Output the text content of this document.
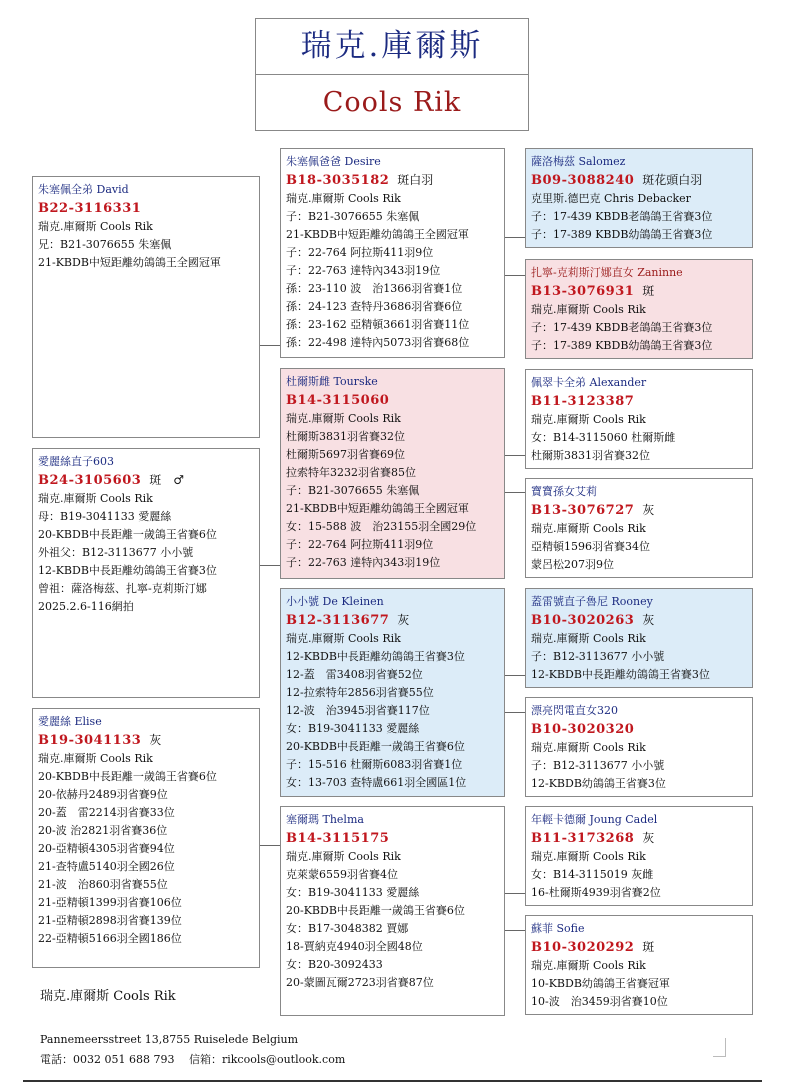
瑞克.庫爾斯
Cools Rik
朱塞佩全弟 David
B22-3116331
瑞克.庫爾斯 Cools Rik
兄：B21-3076655 朱塞佩
21-KBDB中短距離幼鴿鴿王全國冠軍
愛麗絲直子603
B24-3105603 斑　♂
瑞克.庫爾斯 Cools Rik
母：B19-3041133 愛麗絲
20-KBDB中長距離一歲鴿王省賽6位
外祖父：B12-3113677 小小號
12-KBDB中長距離幼鴿鴿王省賽3位
曾祖：薩洛梅茲、扎寧-克莉斯汀娜
2025.2.6-116網拍
愛麗絲 Elise
B19-3041133 灰
瑞克.庫爾斯 Cools Rik
20-KBDB中長距離一歲鴿王省賽6位
20-依赫丹2489羽省賽9位
20-蓋　雷2214羽省賽33位
20-波 治2821羽省賽36位
20-亞精頓4305羽省賽94位
21-查特盧5140羽全國26位
21-波　治860羽省賽55位
21-亞精頓1399羽省賽106位
21-亞精頓2898羽省賽139位
22-亞精頓5166羽全國186位
朱塞佩爸爸 Desire
B18-3035182 斑白羽
瑞克.庫爾斯 Cools Rik
子：B21-3076655 朱塞佩
21-KBDB中短距離幼鴿鴿王全國冠軍
子：22-764 阿拉斯411羽9位
子：22-763 達特內343羽19位
孫：23-110 波　治1366羽省賽1位
孫：24-123 查特丹3686羽省賽6位
孫：23-162 亞精頓3661羽省賽11位
孫：22-498 達特內5073羽省賽68位
杜爾斯雌 Tourske
B14-3115060
瑞克.庫爾斯 Cools Rik
杜爾斯3831羽省賽32位
杜爾斯5697羽省賽69位
拉索特年3232羽省賽85位
子：B21-3076655 朱塞佩
21-KBDB中短距離幼鴿鴿王全國冠軍
女：15-588 波　治23155羽全國29位
子：22-764 阿拉斯411羽9位
子：22-763 達特內343羽19位
小小號 De Kleinen
B12-3113677 灰
瑞克.庫爾斯 Cools Rik
12-KBDB中長距離幼鴿鴿王省賽3位
12-蓋　雷3408羽省賽52位
12-拉索特年2856羽省賽55位
12-波　治3945羽省賽117位
女：B19-3041133 愛麗絲
20-KBDB中長距離一歲鴿王省賽6位
子：15-516 杜爾斯6083羽省賽1位
女：13-703 查特盧661羽全國區1位
塞爾瑪 Thelma
B14-3115175
瑞克.庫爾斯 Cools Rik
克萊蒙6559羽省賽4位
女：B19-3041133 愛麗絲
20-KBDB中長距離一歲鴿王省賽6位
女：B17-3048382 賈娜
18-賈納克4940羽全國48位
女：B20-3092433
20-蒙圖瓦爾2723羽省賽87位
薩洛梅茲 Salomez
B09-3088240 斑花頭白羽
克里斯.德巴克 Chris Debacker
子：17-439 KBDB老鴿鴿王省賽3位
子：17-389 KBDB幼鴿鴿王省賽3位
扎寧-克莉斯汀娜直女 Zaninne
B13-3076931 斑
瑞克.庫爾斯 Cools Rik
子：17-439 KBDB老鴿鴿王省賽3位
子：17-389 KBDB幼鴿鴿王省賽3位
佩翠卡全弟 Alexander
B11-3123387
瑞克.庫爾斯 Cools Rik
女：B14-3115060 杜爾斯雌
杜爾斯3831羽省賽32位
寶寶孫女艾莉
B13-3076727 灰
瑞克.庫爾斯 Cools Rik
亞精頓1596羽省賽34位
蒙呂松207羽9位
蓋雷號直子魯尼 Rooney
B10-3020263 灰
瑞克.庫爾斯 Cools Rik
子：B12-3113677 小小號
12-KBDB中長距離幼鴿鴿王省賽3位
漂亮閃電直女320
B10-3020320
瑞克.庫爾斯 Cools Rik
子：B12-3113677 小小號
12-KBDB幼鴿鴿王省賽3位
年輕卡德爾 Joung Cadel
B11-3173268 灰
瑞克.庫爾斯 Cools Rik
女：B14-3115019 灰雌
16-杜爾斯4939羽省賽2位
蘇菲 Sofie
B10-3020292 斑
瑞克.庫爾斯 Cools Rik
10-KBDB幼鴿鴿王省賽冠軍
10-波　治3459羽省賽10位
瑞克.庫爾斯 Cools Rik
Pannemeersstreet 13,8755 Ruiselede Belgium
電話：0032 051 688 793　 信箱：rikcools@outlook.com
